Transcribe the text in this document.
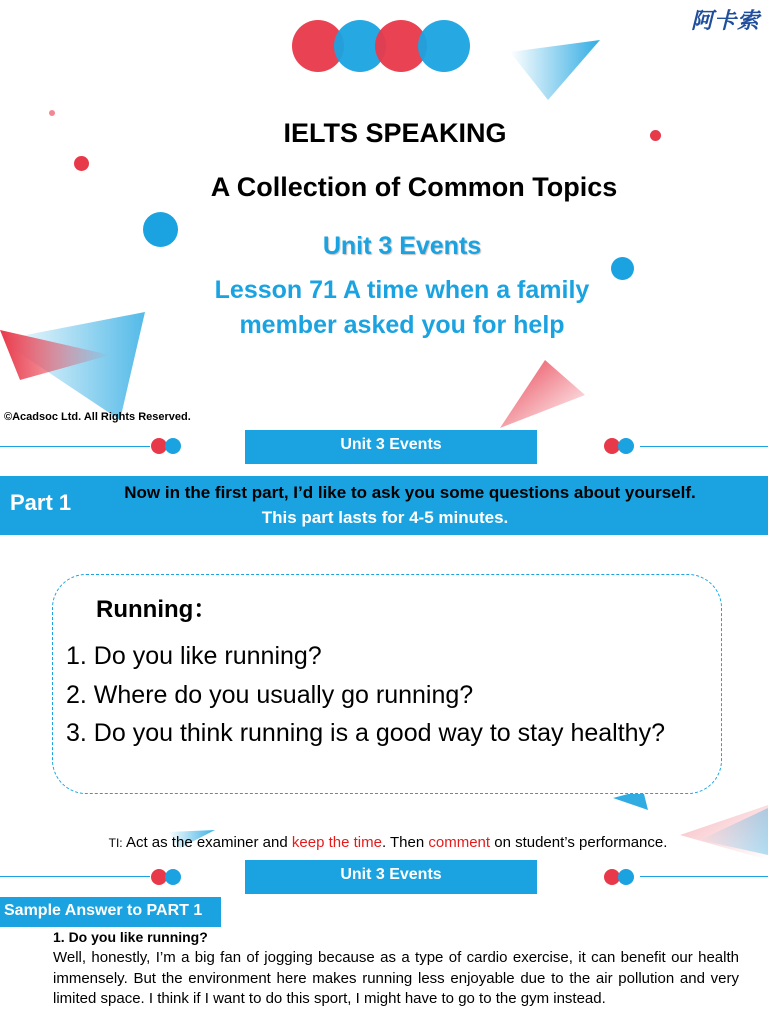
阿卡索
IELTS SPEAKING
A Collection of Common Topics
Unit 3 Events
Lesson 71 A time when a family
member asked you for help
©Acadsoc Ltd. All Rights Reserved.
Unit 3 Events
Part 1	Now in the first part, I’d like to ask you some questions about yourself.
This part lasts for 4-5 minutes.
Running：
1. Do you like running?
2. Where do you usually go running?
3. Do you think running is a good way to stay healthy?
TI: Act as the examiner and keep the time. Then comment on student’s performance.
Unit 3 Events
Sample Answer to PART 1
1. Do you like running?
Well, honestly, I’m a big fan of jogging because as a type of cardio exercise, it can benefit our health immensely. But the environment here makes running less enjoyable due to the air pollution and very limited space. I think if I want to do this sport, I might have to go to the gym instead.
